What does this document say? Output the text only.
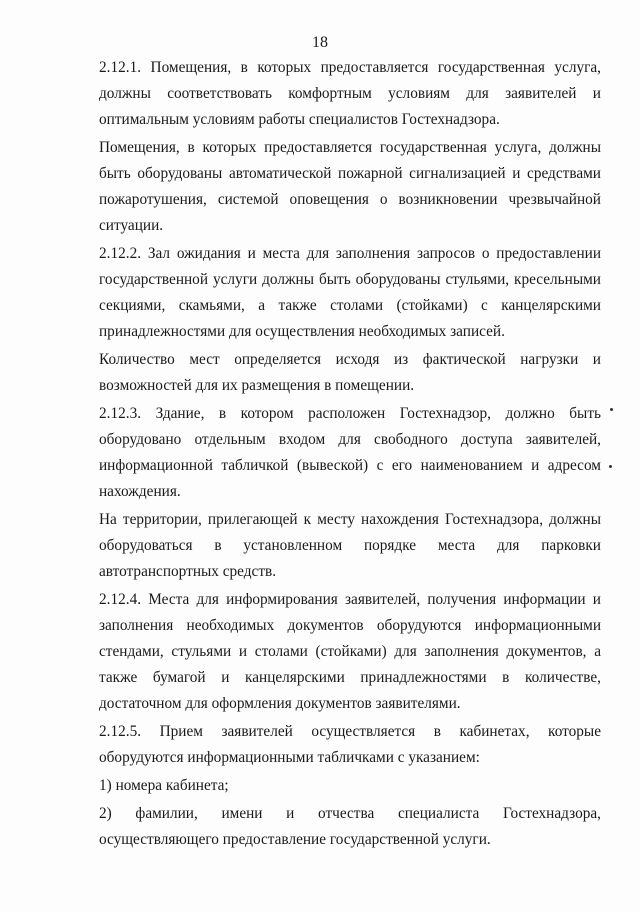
18

2.12.1. Помещения, в которых предоставляется государственная услуга, должны соответствовать комфортным условиям для заявителей и оптимальным условиям работы специалистов Гостехнадзора.

Помещения, в которых предоставляется государственная услуга, должны быть оборудованы автоматической пожарной сигнализацией и средствами пожаротушения, системой оповещения о возникновении чрезвычайной ситуации.

2.12.2. Зал ожидания и места для заполнения запросов о предоставлении государственной услуги должны быть оборудованы стульями, кресельными секциями, скамьями, а также столами (стойками) с канцелярскими принадлежностями для осуществления необходимых записей.

Количество мест определяется исходя из фактической нагрузки и возможностей для их размещения в помещении.

2.12.3. Здание, в котором расположен Гостехнадзор, должно быть оборудовано отдельным входом для свободного доступа заявителей, информационной табличкой (вывеской) с его наименованием и адресом нахождения.

На территории, прилегающей к месту нахождения Гостехнадзора, должны оборудоваться в установленном порядке места для парковки автотранспортных средств.

2.12.4. Места для информирования заявителей, получения информации и заполнения необходимых документов оборудуются информационными стендами, стульями и столами (стойками) для заполнения документов, а также бумагой и канцелярскими принадлежностями в количестве, достаточном для оформления документов заявителями.

2.12.5. Прием заявителей осуществляется в кабинетах, которые оборудуются информационными табличками с указанием:

1) номера кабинета;

2) фамилии, имени и отчества специалиста Гостехнадзора, осуществляющего предоставление государственной услуги.
